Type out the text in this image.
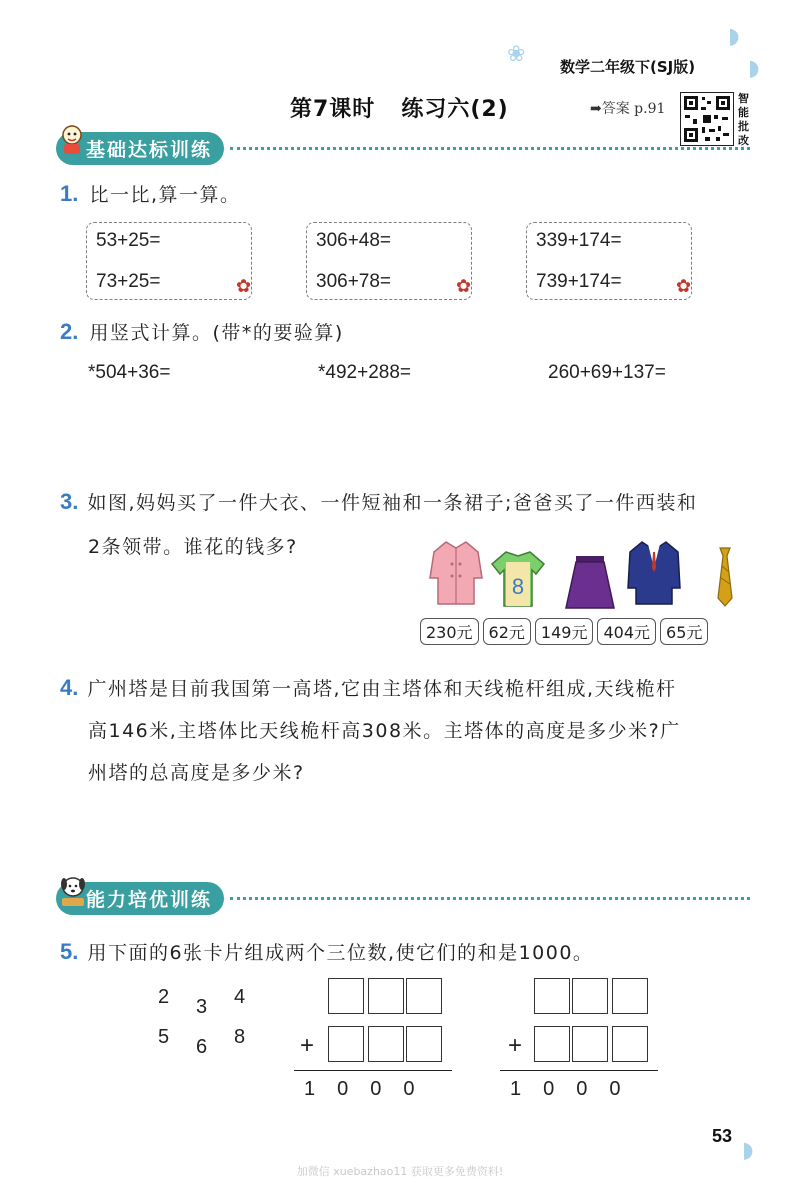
❀
◗
◗
数学二年级下(SJ版)
第7课时 练习六(2)	➡答案 p.91
智能批改
基础达标训练
1. 比一比,算一算。
53+25=
73+25=	✿
306+48=
306+78=	✿
339+174=
739+174=	✿
2. 用竖式计算。(带*的要验算)
*504+36=	*492+288=	260+69+137=
3. 如图,妈妈买了一件大衣、一件短袖和一条裙子;爸爸买了一件西装和
2条领带。谁花的钱多?
8
230元	62元	149元	404元	65元
4. 广州塔是目前我国第一高塔,它由主塔体和天线桅杆组成,天线桅杆
高146米,主塔体比天线桅杆高308米。主塔体的高度是多少米?广
州塔的总高度是多少米?
能力培优训练
5. 用下面的6张卡片组成两个三位数,使它们的和是1000。
2 3 4
5 6 8 +
1000
+
1000
53
◗
加微信 xuebazhao11 获取更多免费资料!
